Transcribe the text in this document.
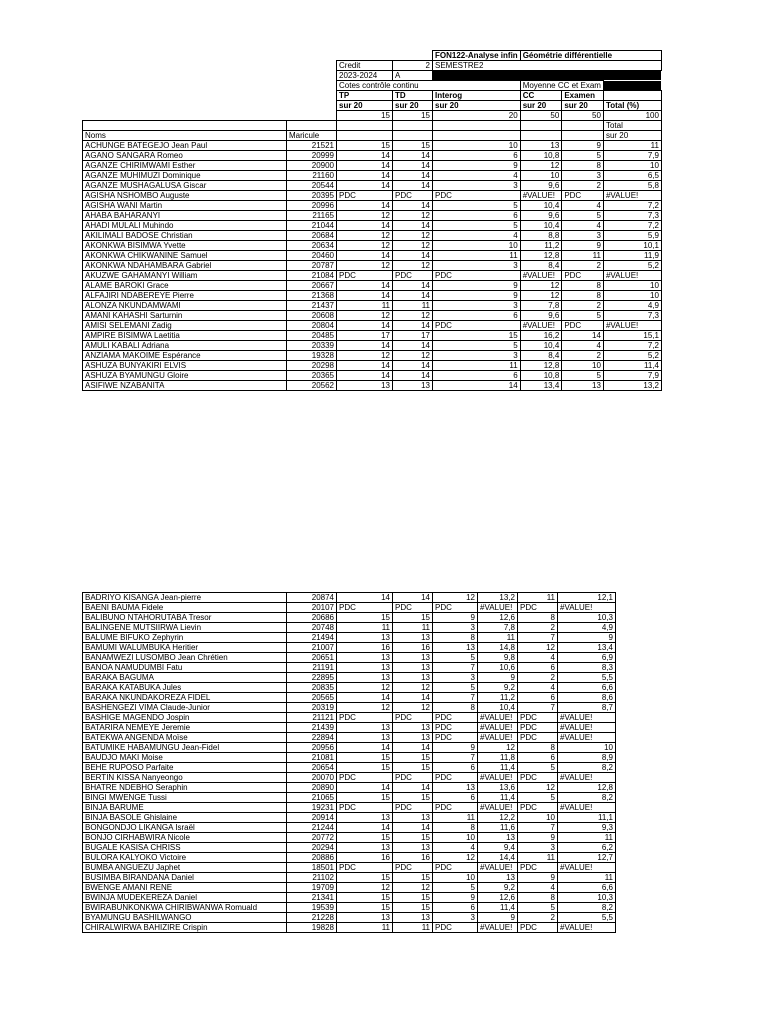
				FON122-Analyse infin	Géométrie différentielle		
		Credit	2	SEMESTRE2			
		2023-2024	A				
		Cotes contrôle continu			Moyenne CC et Exam		
		TP	TD	Interog	CC	Examen	
		sur 20	sur 20	sur 20	sur 20	sur 20	Total (%)
		15	15	20	50	50	100
							Total
Noms	Maricule						sur 20
ACHUNGE BATEGEJO Jean Paul	21521	15	15	10	13	9	11
AGANO SANGARA Romeo	20999	14	14	6	10,8	5	7,9
AGANZE CHIRIMWAMI Esther	20900	14	14	9	12	8	10
AGANZE MUHIMUZI Dominique	21160	14	14	4	10	3	6,5
AGANZE MUSHAGALUSA Giscar	20544	14	14	3	9,6	2	5,8
AGISHA NSHOMBO Auguste	20395	PDC	PDC	PDC	#VALUE!	PDC	#VALUE!
AGISHA WANI Martin	20996	14	14	5	10,4	4	7,2
AHABA BAHARANYI	21165	12	12	6	9,6	5	7,3
AHADI MULALI Muhindo	21044	14	14	5	10,4	4	7,2
AKILIMALI BADOSE Christian	20684	12	12	4	8,8	3	5,9
AKONKWA BISIMWA Yvette	20634	12	12	10	11,2	9	10,1
AKONKWA CHIKWANINE Samuel	20460	14	14	11	12,8	11	11,9
AKONKWA NDAHAMBARA Gabriel	20787	12	12	3	8,4	2	5,2
AKUZWE GAHAMANYI William	21084	PDC	PDC	PDC	#VALUE!	PDC	#VALUE!
ALAME BAROKI Grace	20667	14	14	9	12	8	10
ALFAJIRI NDABEREYE Pierre	21368	14	14	9	12	8	10
ALONZA NKUNDAMWAMI	21437	11	11	3	7,8	2	4,9
AMANI KAHASHI Sarturnin	20608	12	12	6	9,6	5	7,3
AMISI SELEMANI Zadig	20804	14	14	PDC	#VALUE!	PDC	#VALUE!
AMPIRE BISIMWA Laetitia	20485	17	17	15	16,2	14	15,1
AMULI KABALI Adriana	20339	14	14	5	10,4	4	7,2
ANZIAMA MAKOIME Espérance	19328	12	12	3	8,4	2	5,2
ASHUZA BUNYAKIRI ELVIS	20298	14	14	11	12,8	10	11,4
ASHUZA BYAMUNGU Gloire	20365	14	14	6	10,8	5	7,9
ASIFIWE NZABANITA	20562	13	13	14	13,4	13	13,2
BADRIYO KISANGA Jean-pierre	20874	14	14	12	13,2	11	12,1
BAENI BAUMA Fidele	20107	PDC	PDC	PDC	#VALUE!	PDC	#VALUE!
BALIBUNO NTAHORUTABA Tresor	20686	15	15	9	12,6	8	10,3
BALINGENE MUTSIIRWA Lievin	20748	11	11	3	7,8	2	4,9
BALUME BIFUKO Zephyrin	21494	13	13	8	11	7	9
BAMUMI WALUMBUKA Heritier	21007	16	16	13	14,8	12	13,4
BANAMWEZI LUSOMBO Jean Chrétien	20651	13	13	5	9,8	4	6,9
BANOA NAMUDUMBI Fatu	21191	13	13	7	10,6	6	8,3
BARAKA BAGUMA	22895	13	13	3	9	2	5,5
BARAKA KATABUKA Jules	20835	12	12	5	9,2	4	6,6
BARAKA NKUNDAKOREZA FIDEL	20565	14	14	7	11,2	6	8,6
BASHENGEZI VIMA Claude-Junior	20319	12	12	8	10,4	7	8,7
BASHIGE MAGENDO Jospin	21121	PDC	PDC	PDC	#VALUE!	PDC	#VALUE!
BATARIRA NEMEYE Jeremie	21439	13	13	PDC	#VALUE!	PDC	#VALUE!
BATEKWA ANGENDA Moïse	22894	13	13	PDC	#VALUE!	PDC	#VALUE!
BATUMIKE HABAMUNGU Jean-Fidel	20956	14	14	9	12	8	10
BAUDJO MAKI Moise	21081	15	15	7	11,8	6	8,9
BEHE RUPOSO Parfaite	20654	15	15	6	11,4	5	8,2
BERTIN KISSA Nanyeongo	20070	PDC	PDC	PDC	#VALUE!	PDC	#VALUE!
BHATRE NDEBHO Seraphin	20890	14	14	13	13,6	12	12,8
BINGI MWENGE Tussi	21065	15	15	6	11,4	5	8,2
BINJA BARUME	19231	PDC	PDC	PDC	#VALUE!	PDC	#VALUE!
BINJA BASOLE Ghislaine	20914	13	13	11	12,2	10	11,1
BONGONDJO LIKANGA Israël	21244	14	14	8	11,6	7	9,3
BONJO CIRHABWIRA Nicole	20772	15	15	10	13	9	11
BUGALE KASISA CHRISS	20294	13	13	4	9,4	3	6,2
BULORA KALYOKO Victoire	20886	16	16	12	14,4	11	12,7
BUMBA ANGUEZU Japhet	18501	PDC	PDC	PDC	#VALUE!	PDC	#VALUE!
BUSIMBA BIRANDANA Daniel	21102	15	15	10	13	9	11
BWENGE AMANI RENE	19709	12	12	5	9,2	4	6,6
BWINJA MUDEKEREZA Daniel	21341	15	15	9	12,6	8	10,3
BWIRABUNKONKWA CHIRIBWANWA Romuald	19539	15	15	6	11,4	5	8,2
BYAMUNGU BASHILWANGO	21228	13	13	3	9	2	5,5
CHIRALWIRWA BAHIZIRE Crispin	19828	11	11	PDC	#VALUE!	PDC	#VALUE!
